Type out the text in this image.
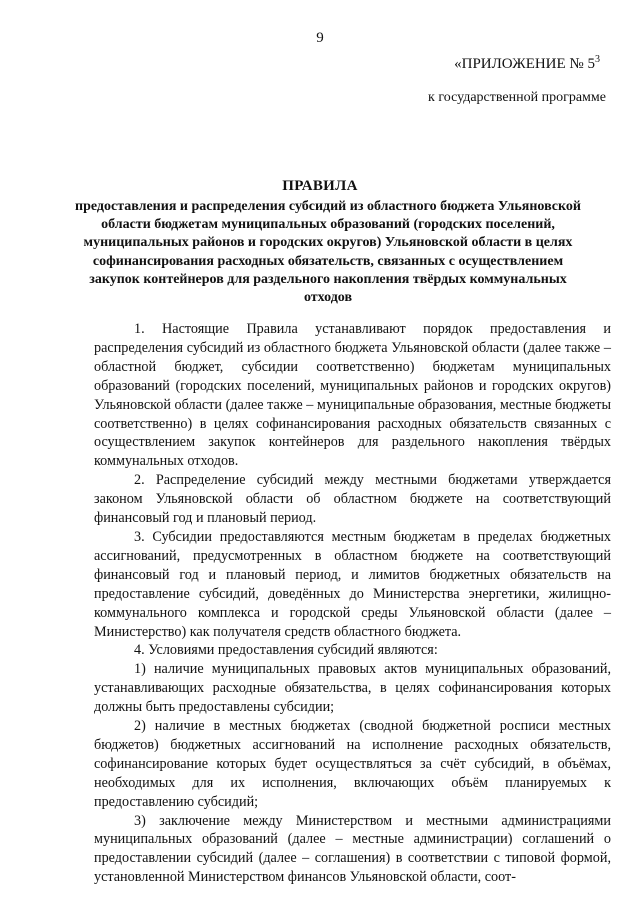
9
«ПРИЛОЖЕНИЕ № $5^3$
к государственной программе
ПРАВИЛА
предоставления и распределения субсидий из областного бюджета Ульяновской области бюджетам муниципальных образований (городских поселений, муниципальных районов и городских округов) Ульяновской области в целях софинансирования расходных обязательств, связанных с осуществлением закупок контейнеров для раздельного накопления твёрдых коммунальных отходов

1. Настоящие Правила устанавливают порядок предоставления и распределения субсидий из областного бюджета Ульяновской области (далее также – областной бюджет, субсидии соответственно) бюджетам муниципальных образований (городских поселений, муниципальных районов и городских округов) Ульяновской области (далее также – муниципальные образования, местные бюджеты соответственно) в целях софинансирования расходных обязательств связанных с осуществлением закупок контейнеров для раздельного накопления твёрдых коммунальных отходов.

2. Распределение субсидий между местными бюджетами утверждается законом Ульяновской области об областном бюджете на соответствующий финансовый год и плановый период.

3. Субсидии предоставляются местным бюджетам в пределах бюджетных ассигнований, предусмотренных в областном бюджете на соответствующий финансовый год и плановый период, и лимитов бюджетных обязательств на предоставление субсидий, доведённых до Министерства энергетики, жилищно-коммунального комплекса и городской среды Ульяновской области (далее – Министерство) как получателя средств областного бюджета.

4. Условиями предоставления субсидий являются:

1) наличие муниципальных правовых актов муниципальных образований, устанавливающих расходные обязательства, в целях софинансирования которых должны быть предоставлены субсидии;

2) наличие в местных бюджетах (сводной бюджетной росписи местных бюджетов) бюджетных ассигнований на исполнение расходных обязательств, софинансирование которых будет осуществляться за счёт субсидий, в объёмах, необходимых для их исполнения, включающих объём планируемых к предоставлению субсидий;

3) заключение между Министерством и местными администрациями муниципальных образований (далее – местные администрации) соглашений о предоставлении субсидий (далее – соглашения) в соответствии с типовой формой, установленной Министерством финансов Ульяновской области, соот-
